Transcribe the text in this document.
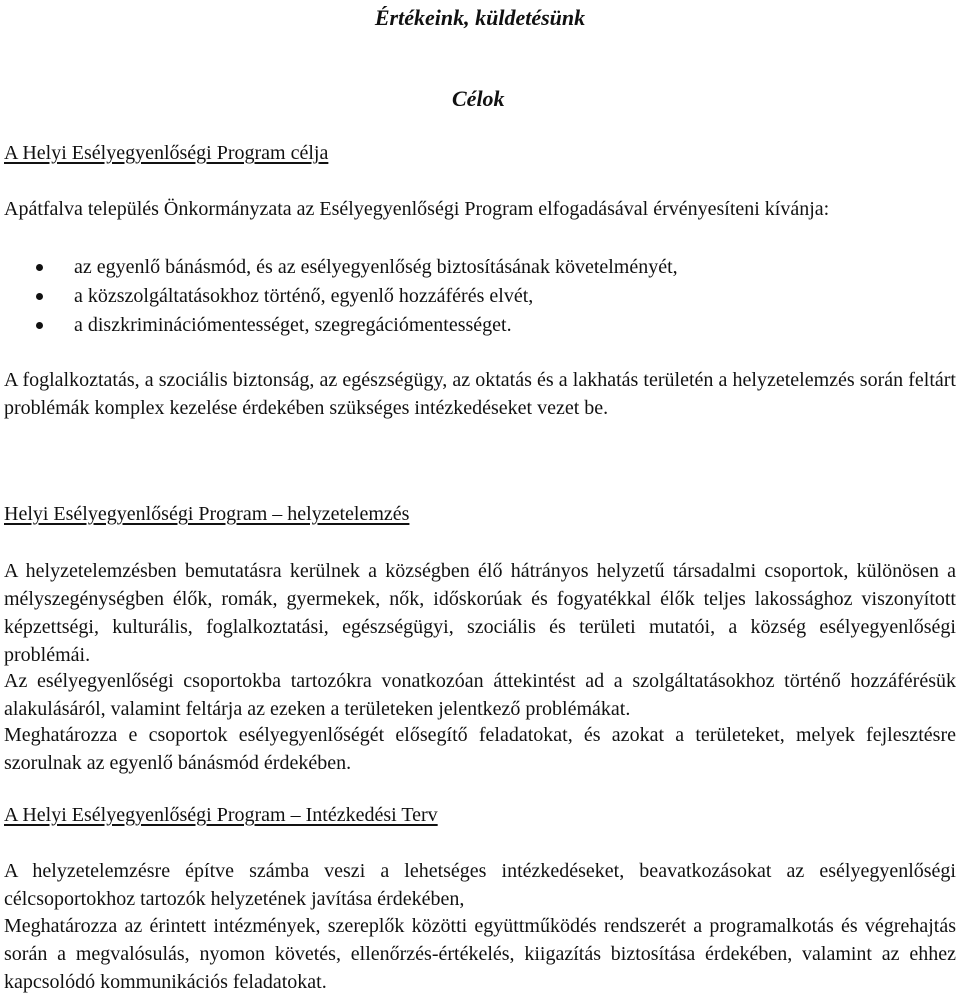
Értékeink, küldetésünk
Célok
A Helyi Esélyegyenlőségi Program célja
Apátfalva település Önkormányzata az Esélyegyenlőségi Program elfogadásával érvényesíteni kívánja:
az egyenlő bánásmód, és az esélyegyenlőség biztosításának követelményét,
a közszolgáltatásokhoz történő, egyenlő hozzáférés elvét,
a diszkriminációmentességet, szegregációmentességet.
A foglalkoztatás, a szociális biztonság, az egészségügy, az oktatás és a lakhatás területén a helyzetelemzés során feltárt problémák komplex kezelése érdekében szükséges intézkedéseket vezet be.
Helyi Esélyegyenlőségi Program – helyzetelemzés
A helyzetelemzésben bemutatásra kerülnek a községben élő hátrányos helyzetű társadalmi csoportok, különösen a mélyszegénységben élők, romák, gyermekek, nők, időskorúak és fogyatékkal élők teljes lakossághoz viszonyított képzettségi, kulturális, foglalkoztatási, egészségügyi, szociális és területi mutatói, a község esélyegyenlőségi problémái.
Az esélyegyenlőségi csoportokba tartozókra vonatkozóan áttekintést ad a szolgáltatásokhoz történő hozzáférésük alakulásáról, valamint feltárja az ezeken a területeken jelentkező problémákat.
Meghatározza e csoportok esélyegyenlőségét elősegítő feladatokat, és azokat a területeket, melyek fejlesztésre szorulnak az egyenlő bánásmód érdekében.
A Helyi Esélyegyenlőségi Program – Intézkedési Terv
A helyzetelemzésre építve számba veszi a lehetséges intézkedéseket, beavatkozásokat az esélyegyenlőségi célcsoportokhoz tartozók helyzetének javítása érdekében,
Meghatározza az érintett intézmények, szereplők közötti együttműködés rendszerét a programalkotás és végrehajtás során a megvalósulás, nyomon követés, ellenőrzés-értékelés, kiigazítás biztosítása érdekében, valamint az ehhez kapcsolódó kommunikációs feladatokat.
